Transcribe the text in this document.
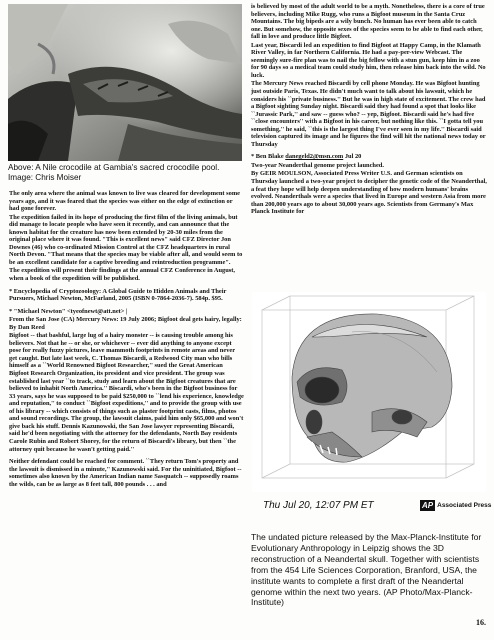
Above: A Nile crocodile at Gambia's sacred crocodile pool.
Image: Chris Moiser

The only area where the animal was known to live was cleared for development some years ago, and it was feared that the species was either on the edge of extinction or had gone forever.

The expedition failed in its hope of producing the first film of the living animals, but did manage to locate people who have seen it recently, and can announce that the known habitat for the creature has now been extended by 20-30 miles from the original place where it was found. "This is excellent news" said CFZ Director Jon Downes (46) who co-ordinated Mission Control at the CFZ headquarters in rural North Devon. "That means that the species may be viable after all, and would seem to be an excellent candidate for a captive breeding and reintroduction programme".

The expedition will present their findings at the annual CFZ Conference in August, when a book of the expedition will be published.

* Encyclopedia of Cryptozoology: A Global Guide to Hidden Animals and Their Pursuers, Michael Newton, McFarland, 2005 (ISBN 0-7864-2036-7). 584p. $95.

* "Michael Newton" <tyeofnewt@att.net> |

From the San Jose (CA) Mercury News: 19 July 2006; Bigfoot deal gets hairy, legally: By Dan Reed

Bigfoot -- that bashful, large lug of a hairy monster -- is causing trouble among his believers. Not that he -- or she, or whichever -- ever did anything to anyone except pose for really fuzzy pictures, leave mammoth footprints in remote areas and never get caught. But late last week, C. Thomas Biscardi, a Redwood City man who bills himself as a ``World Renowned Bigfoot Researcher,'' sued the Great American Bigfoot Research Organization, its president and vice president. The group was established last year ``to track, study and learn about the Bigfoot creatures that are believed to inhabit North America.'' Biscardi, who's been in the Bigfoot business for 33 years, says he was supposed to be paid $250,000 to ``lend his experience, knowledge and reputation,'' to conduct ``Bigfoot expeditions,'' and to provide the group with use of his library -- which consists of things such as plaster footprint casts, films, photos and sound recordings. The group, the lawsuit claims, paid him only $65,000 and won't give back his stuff. Dennis Kazunowski, the San Jose lawyer representing Biscardi, said he'd been negotiating with the attorney for the defendants, North Bay residents Carole Rubin and Robert Shorey, for the return of Biscardi's library, but then ``the attorney quit because he wasn't getting paid.''

Neither defendant could be reached for comment. ``They return Tom's property and the lawsuit is dismissed in a minute,'' Kazunowski said. For the uninitiated, Bigfoot -- sometimes also known by the American Indian name Sasquatch -- supposedly roams the wilds, can be as large as 8 feet tall, 800 pounds . . . and

is believed by most of the adult world to be a myth. Nonetheless, there is a core of true believers, including Mike Rugg, who runs a Bigfoot museum in the Santa Cruz Mountains. The big bipeds are a wily bunch. No human has ever been able to catch one. But somehow, the opposite sexes of the species seem to be able to find each other, fall in love and produce little Bigfeet.

Last year, Biscardi led an expedition to find Bigfoot at Happy Camp, in the Klamath River Valley, in far Northern California. He had a pay-per-view Webcast. The seemingly sure-fire plan was to nail the big fellow with a stun gun, keep him in a zoo for 90 days so a medical team could study him, then release him back into the wild. No luck.

The Mercury News reached Biscardi by cell phone Monday. He was Bigfoot hunting just outside Paris, Texas. He didn't much want to talk about his lawsuit, which he considers his ``private business.'' But he was in high state of excitement. The crew had a Bigfoot sighting Sunday night. Biscardi said they had found a spot that looks like ``Jurassic Park,'' and saw -- guess who? -- yep, Bigfoot. Biscardi said he's had five ``close encounters'' with a Bigfoot in his career, but nothing like this. ``I gotta tell you something,'' he said, ``this is the largest thing I've ever seen in my life.'' Biscardi said television captured its image and he figures the find will hit the national news today or Thursday

* Ben Blake danegeld2@msn.com Jul 20

Two-year Neanderthal genome project launched.

By GEIR MOULSON, Associated Press Writer U.S. and German scientists on Thursday launched a two-year project to decipher the genetic code of the Neanderthal, a feat they hope will help deepen understanding of how modern humans' brains evolved. Neanderthals were a species that lived in Europe and western Asia from more than 200,000 years ago to about 30,000 years ago. Scientists from Germany's Max Planck Institute for

Thu Jul 20, 12:07 PM ET	AP Associated Press

The undated picture released by the Max-Planck-Institute for Evolutionary Anthropology in Leipzig shows the 3D reconstruction of a Neandertal skull. Together with scientists from the 454 Life Sciences Corporation, Branford, USA, the institute wants to complete a first draft of the Neandertal genome within the next two years. (AP Photo/Max-Planck-Institute)

16.
